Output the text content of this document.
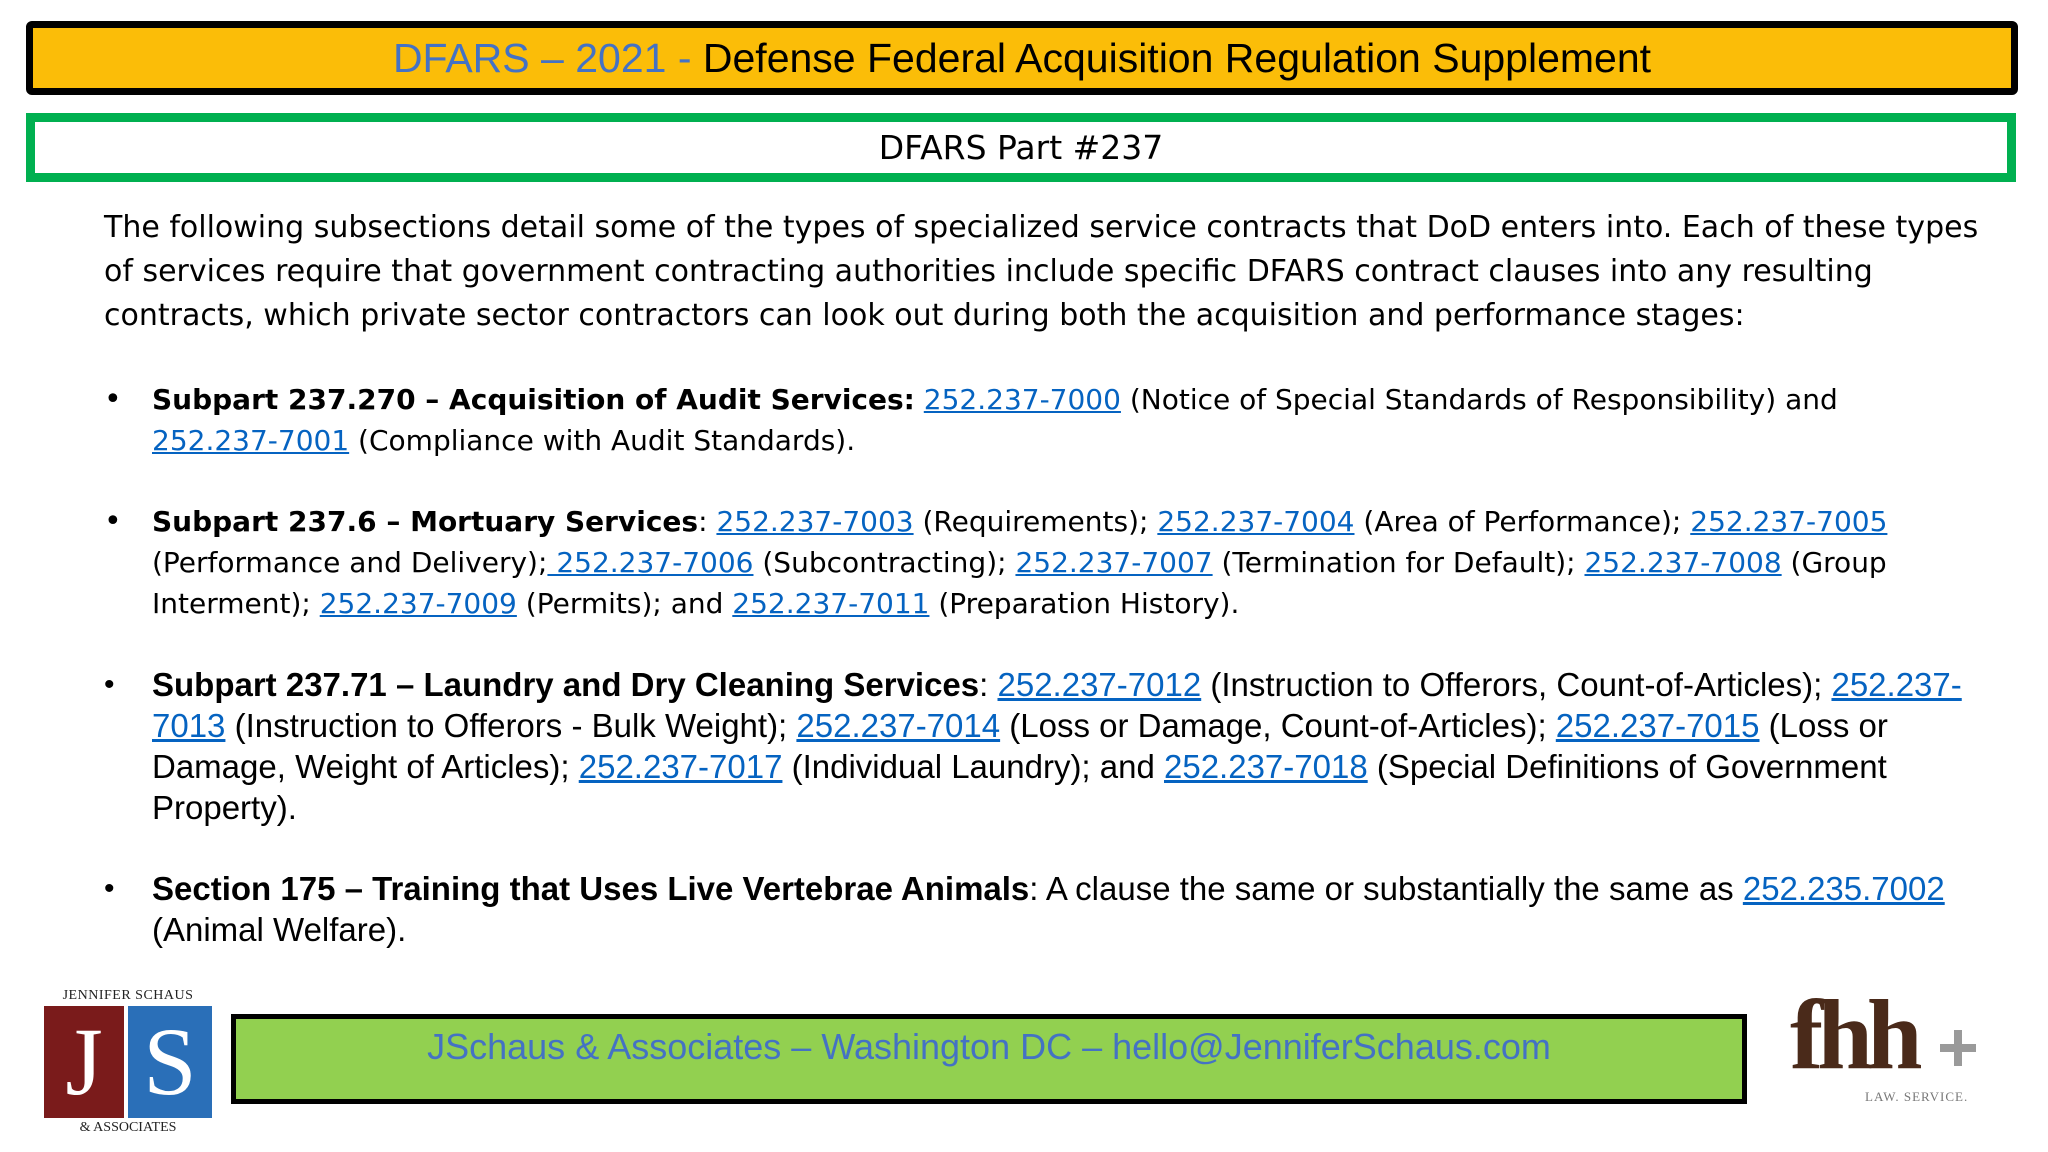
DFARS – 2021 - Defense Federal Acquisition Regulation Supplement
DFARS Part #237

The following subsections detail some of the types of specialized service contracts that DoD enters into. Each of these types of services require that government contracting authorities include specific DFARS contract clauses into any resulting contracts, which private sector contractors can look out during both the acquisition and performance stages:

• Subpart 237.270 – Acquisition of Audit Services: 252.237-7000 (Notice of Special Standards of Responsibility) and 252.237-7001 (Compliance with Audit Standards).
• Subpart 237.6 – Mortuary Services: 252.237-7003 (Requirements); 252.237-7004 (Area of Performance); 252.237-7005 (Performance and Delivery); 252.237-7006 (Subcontracting); 252.237-7007 (Termination for Default); 252.237-7008 (Group Interment); 252.237-7009 (Permits); and 252.237-7011 (Preparation History).
• Subpart 237.71 – Laundry and Dry Cleaning Services: 252.237-7012 (Instruction to Offerors, Count-of-Articles); 252.237-7013 (Instruction to Offerors - Bulk Weight); 252.237-7014 (Loss or Damage, Count-of-Articles); 252.237-7015 (Loss or Damage, Weight of Articles); 252.237-7017 (Individual Laundry); and 252.237-7018 (Special Definitions of Government Property).
• Section 175 – Training that Uses Live Vertebrae Animals: A clause the same or substantially the same as 252.235.7002 (Animal Welfare).
JENNIFER SCHAUS
J S
& ASSOCIATES
JSchaus & Associates – Washington DC – hello@JenniferSchaus.com	fhh
LAW. SERVICE.
